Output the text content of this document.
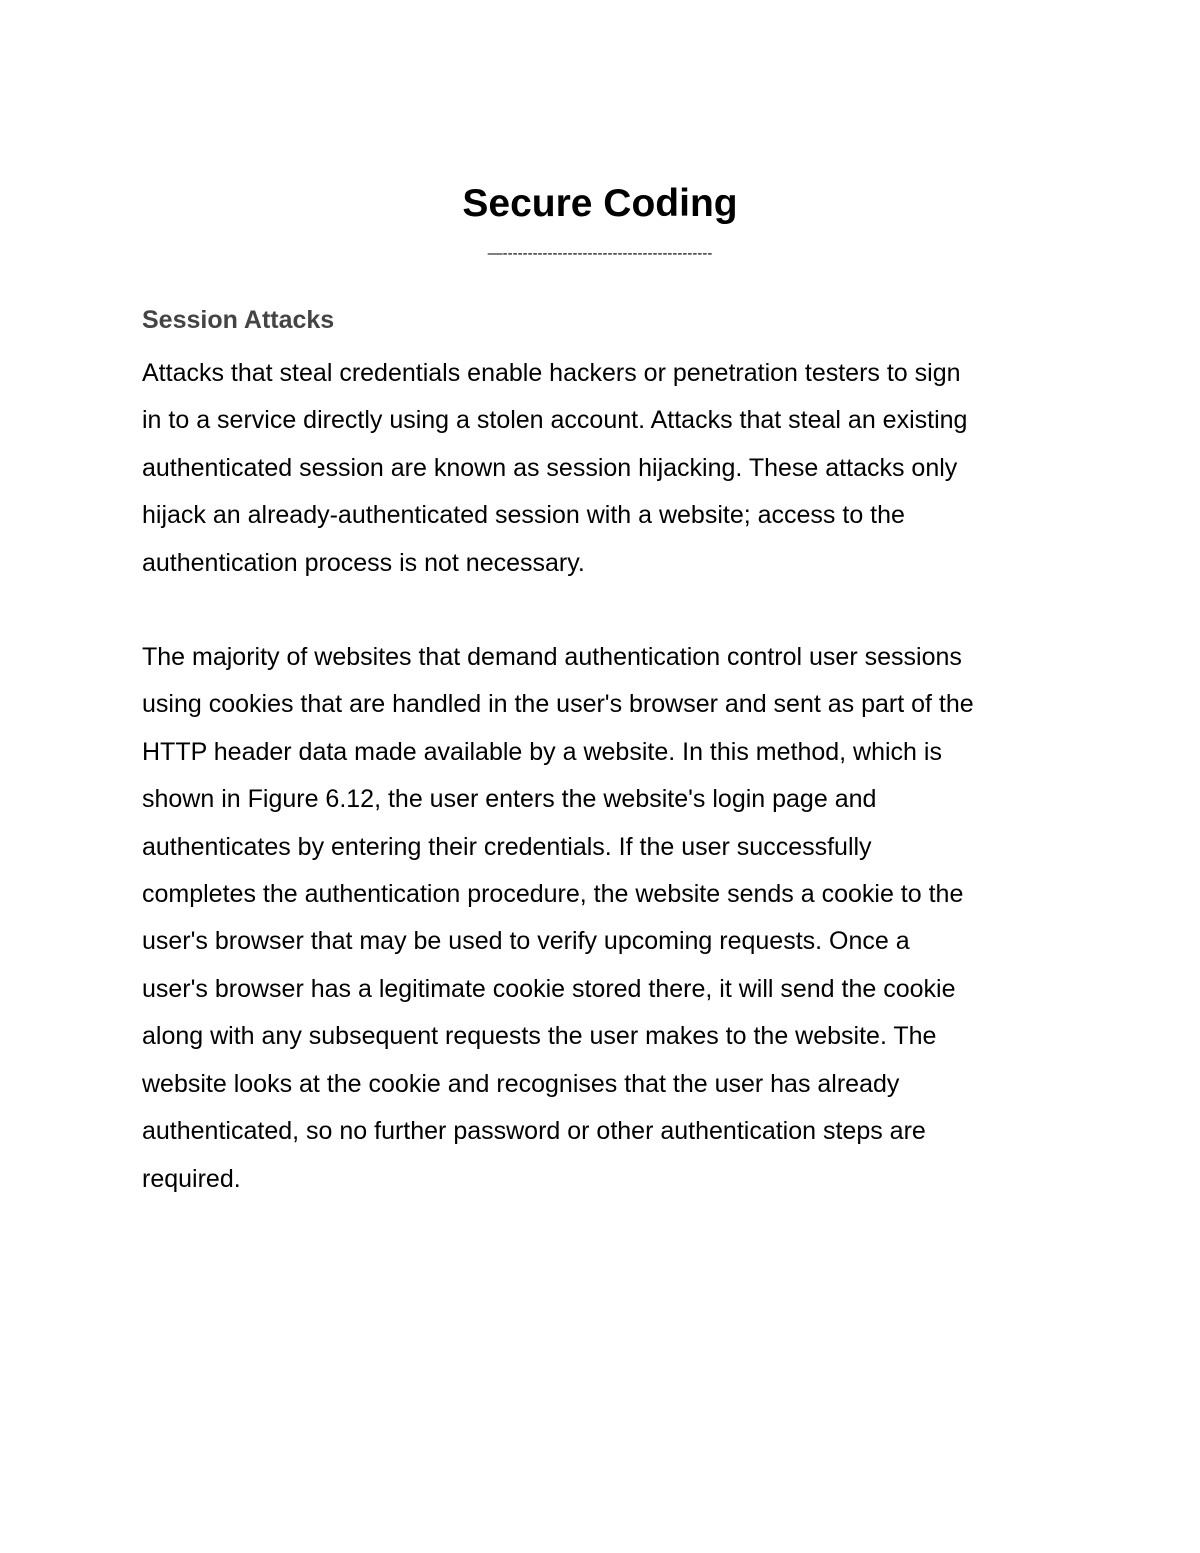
Secure Coding
—------------------------------------------
Session Attacks

Attacks that steal credentials enable hackers or penetration testers to sign
in to a service directly using a stolen account. Attacks that steal an existing
authenticated session are known as session hijacking. These attacks only
hijack an already-authenticated session with a website; access to the
authentication process is not necessary.

The majority of websites that demand authentication control user sessions
using cookies that are handled in the user's browser and sent as part of the
HTTP header data made available by a website. In this method, which is
shown in Figure 6.12, the user enters the website's login page and
authenticates by entering their credentials. If the user successfully
completes the authentication procedure, the website sends a cookie to the
user's browser that may be used to verify upcoming requests. Once a
user's browser has a legitimate cookie stored there, it will send the cookie
along with any subsequent requests the user makes to the website. The
website looks at the cookie and recognises that the user has already
authenticated, so no further password or other authentication steps are
required.
